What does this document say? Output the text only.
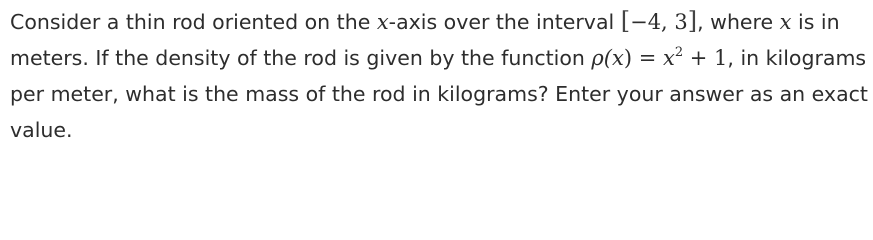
Consider a thin rod oriented on the x-axis over the interval [−4, 3], where x is in meters. If the density of the rod is given by the function $\rho(x) = x^2 + 1$, in kilograms per meter, what is the mass of the rod in kilograms? Enter your answer as an exact value.
